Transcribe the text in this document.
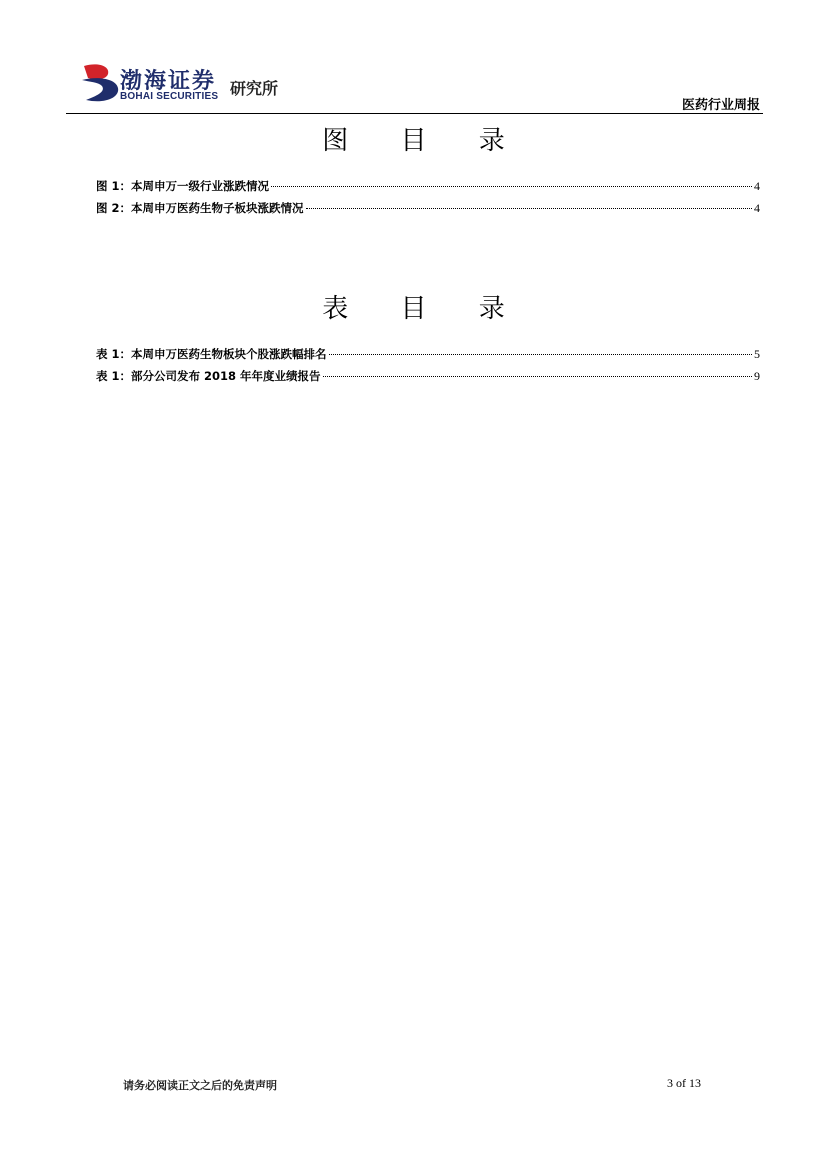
渤海证券
BOHAI SECURITIES 研究所
医药行业周报
图 目 录
图 1：本周申万一级行业涨跌情况	4
图 2：本周申万医药生物子板块涨跌情况	4
表 目 录
表 1：本周申万医药生物板块个股涨跌幅排名	5
表 1：部分公司发布 2018 年年度业绩报告	9
请务必阅读正文之后的免责声明	3 of 13
